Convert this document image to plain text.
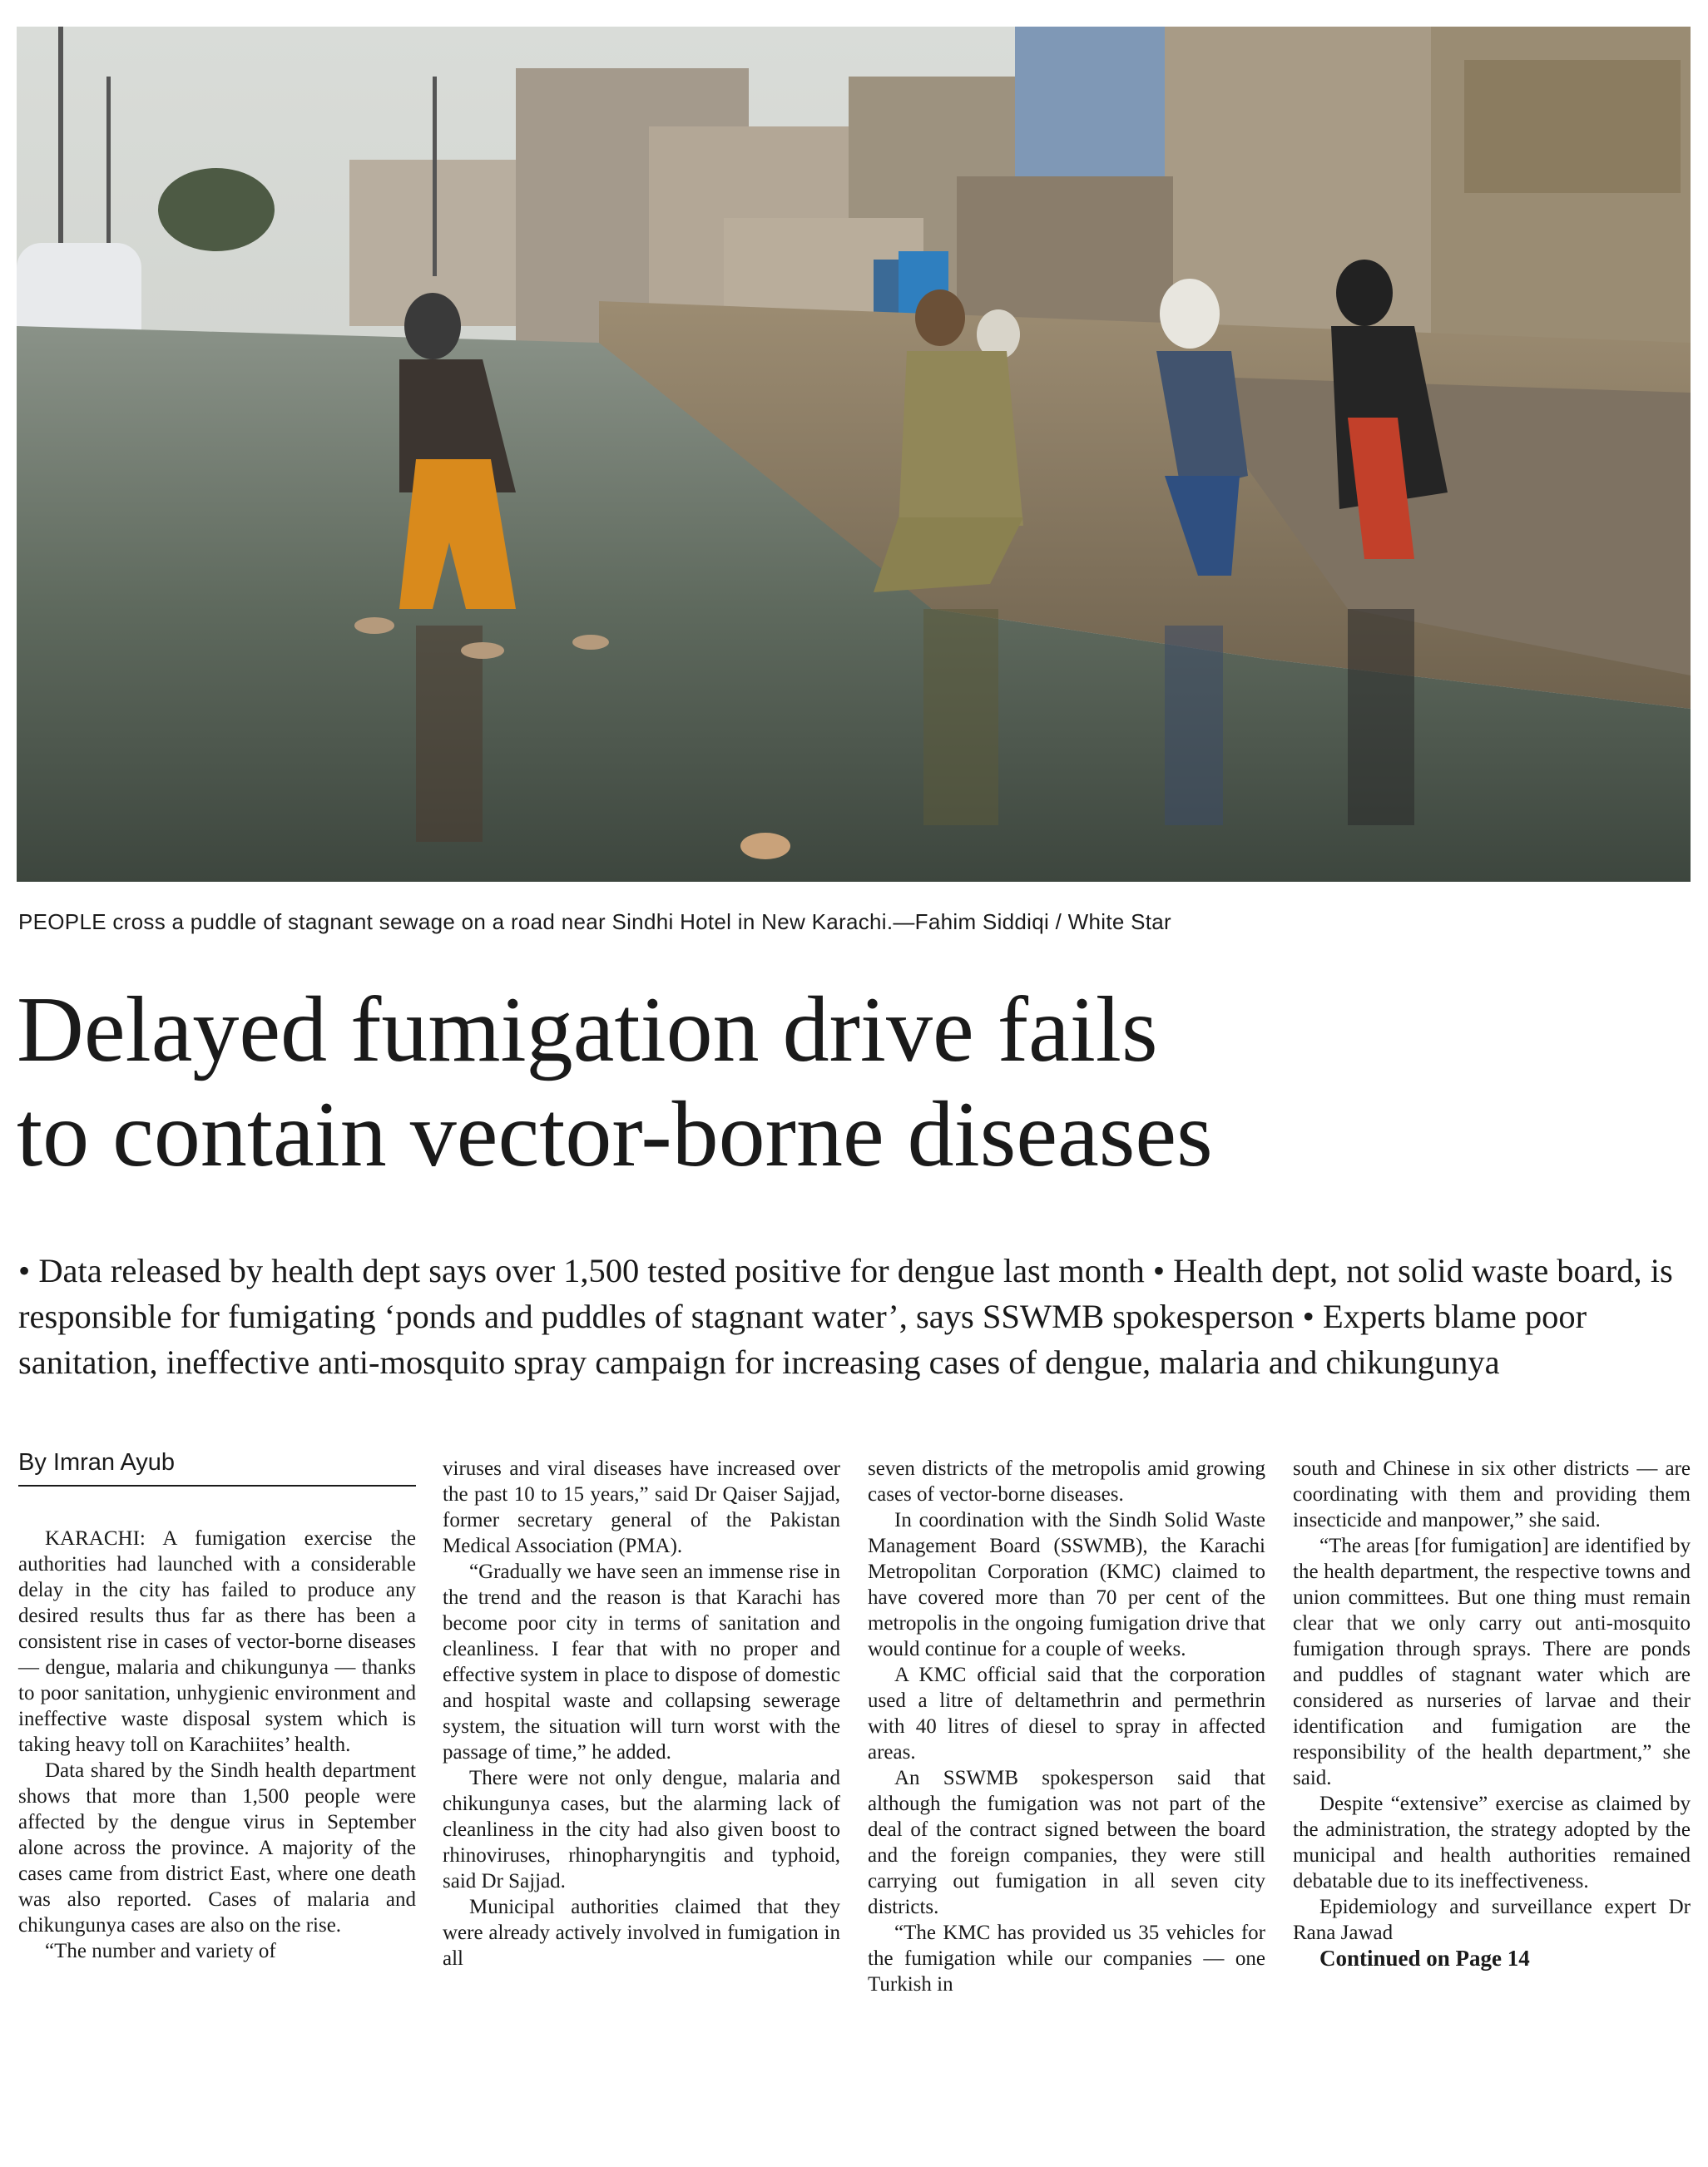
PEOPLE cross a puddle of stagnant sewage on a road near Sindhi Hotel in New Karachi.—Fahim Siddiqi / White Star
Delayed fumigation drive fails
to contain vector-borne diseases
• Data released by health dept says over 1,500 tested positive for dengue last month • Health dept, not solid waste board, is responsible for fumigating ‘ponds and puddles of stagnant water’, says SSWMB spokesperson • Experts blame poor sanitation, ineffective anti-mosquito spray campaign for increasing cases of dengue, malaria and chikungunya
By Imran Ayub

KARACHI: A fumigation exercise the authorities had launched with a considerable delay in the city has failed to produce any desired results thus far as there has been a consistent rise in cases of vector-borne diseases — dengue, malaria and chikungunya — thanks to poor sanitation, unhygienic environment and ineffective waste disposal system which is taking heavy toll on Karachiites’ health.

Data shared by the Sindh health department shows that more than 1,500 people were affected by the dengue virus in September alone across the province. A majority of the cases came from district East, where one death was also reported. Cases of malaria and chikungunya cases are also on the rise.

“The number and variety of

viruses and viral diseases have increased over the past 10 to 15 years,” said Dr Qaiser Sajjad, former secretary general of the Pakistan Medical Association (PMA).

“Gradually we have seen an immense rise in the trend and the reason is that Karachi has become poor city in terms of sanitation and cleanliness. I fear that with no proper and effective system in place to dispose of domestic and hospital waste and collapsing sewerage system, the situation will turn worst with the passage of time,” he added.

There were not only dengue, malaria and chikungunya cases, but the alarming lack of cleanliness in the city had also given boost to rhinoviruses, rhinopharyngitis and typhoid, said Dr Sajjad.

Municipal authorities claimed that they were already actively involved in fumigation in all

seven districts of the metropolis amid growing cases of vector-borne diseases.

In coordination with the Sindh Solid Waste Management Board (SSWMB), the Karachi Metropolitan Corporation (KMC) claimed to have covered more than 70 per cent of the metropolis in the ongoing fumigation drive that would continue for a couple of weeks.

A KMC official said that the corporation used a litre of deltamethrin and permethrin with 40 litres of diesel to spray in affected areas.

An SSWMB spokesperson said that although the fumigation was not part of the deal of the contract signed between the board and the foreign companies, they were still carrying out fumigation in all seven city districts.

“The KMC has provided us 35 vehicles for the fumigation while our companies — one Turkish in

south and Chinese in six other districts — are coordinating with them and providing them insecticide and manpower,” she said.

“The areas [for fumigation] are identified by the health department, the respective towns and union committees. But one thing must remain clear that we only carry out anti-mosquito fumigation through sprays. There are ponds and puddles of stagnant water which are considered as nurseries of larvae and their identification and fumigation are the responsibility of the health department,” she said.

Despite “extensive” exercise as claimed by the administration, the strategy adopted by the municipal and health authorities remained debatable due to its ineffectiveness.

Epidemiology and surveillance expert Dr Rana Jawad

Continued on Page 14
